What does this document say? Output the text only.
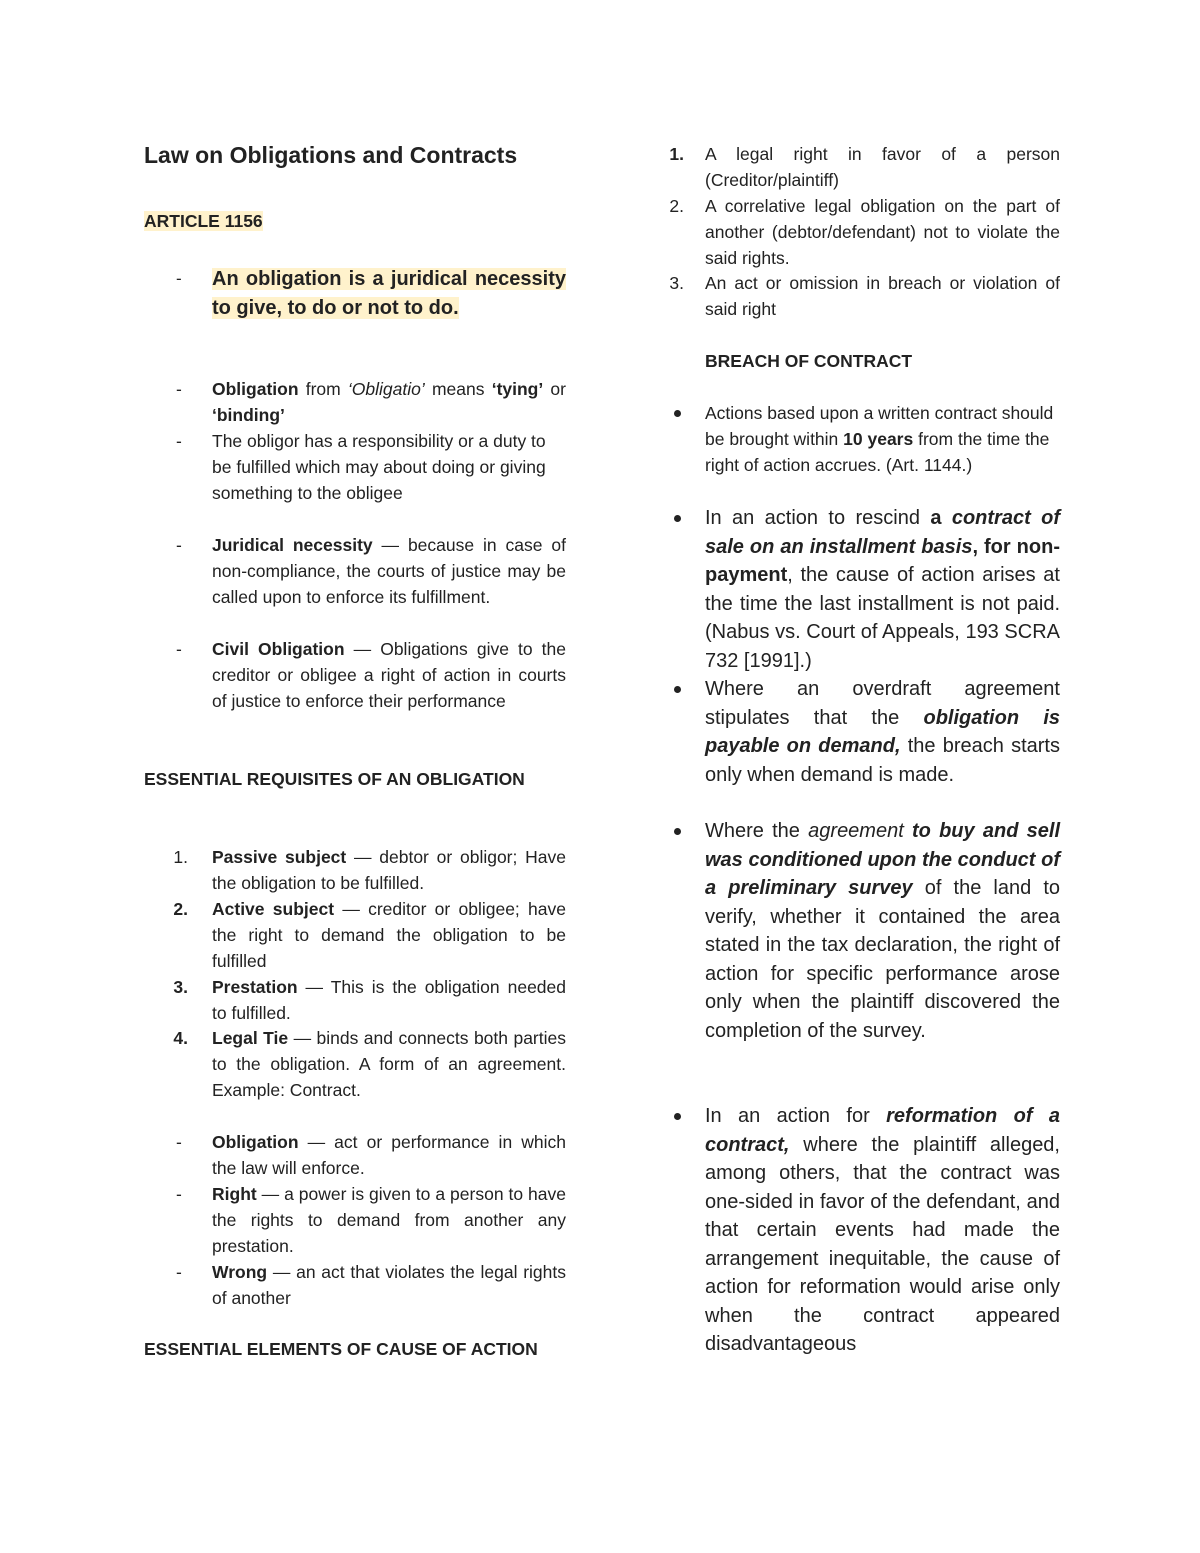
Law on Obligations and Contracts
ARTICLE 1156
- An obligation is a juridical necessity to give, to do or not to do.
- Obligation from ‘Obligatio’ means ‘tying’ or ‘binding’
- The obligor has a responsibility or a duty to be fulfilled which may about doing or giving something to the obligee
- Juridical necessity — because in case of non-compliance, the courts of justice may be called upon to enforce its fulfillment.
- Civil Obligation — Obligations give to the creditor or obligee a right of action in courts of justice to enforce their performance
ESSENTIAL REQUISITES OF AN OBLIGATION
1. Passive subject — debtor or obligor; Have the obligation to be fulfilled.
2. Active subject — creditor or obligee; have the right to demand the obligation to be fulfilled
3. Prestation — This is the obligation needed to fulfilled.
4. Legal Tie — binds and connects both parties to the obligation. A form of an agreement. Example: Contract.
- Obligation — act or performance in which the law will enforce.
- Right — a power is given to a person to have the rights to demand from another any prestation.
- Wrong — an act that violates the legal rights of another
ESSENTIAL ELEMENTS OF CAUSE OF ACTION
1. A legal right in favor of a person (Creditor/plaintiff)
2. A correlative legal obligation on the part of another (debtor/defendant) not to violate the said rights.
3. An act or omission in breach or violation of said right
BREACH OF CONTRACT
Actions based upon a written contract should be brought within 10 years from the time the right of action accrues. (Art. 1144.)
In an action to rescind a contract of sale on an installment basis, for non-payment, the cause of action arises at the time the last installment is not paid. (Nabus vs. Court of Appeals, 193 SCRA 732 [1991].)
Where an overdraft agreement stipulates that the obligation is payable on demand, the breach starts only when demand is made.
Where the agreement to buy and sell was conditioned upon the conduct of a preliminary survey of the land to verify, whether it contained the area stated in the tax declaration, the right of action for specific performance arose only when the plaintiff discovered the completion of the survey.
In an action for reformation of a contract, where the plaintiff alleged, among others, that the contract was one-sided in favor of the defendant, and that certain events had made the arrangement inequitable, the cause of action for reformation would arise only when the contract appeared disadvantageous
